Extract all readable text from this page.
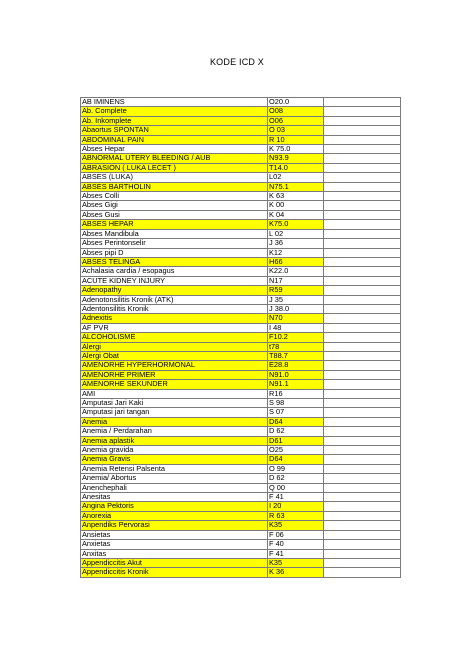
KODE ICD X
AB IMINENS	O20.0	
Ab. Complete	O08	
Ab. Inkomplete	O06	
Abaortus SPONTAN	O 03	
ABDOMINAL PAIN	R 10	
Abses Hepar	K 75.0	
ABNORMAL UTERY BLEEDING / AUB	N93.9	
ABRASION ( LUKA LECET )	T14.0	
ABSES (LUKA)	L02	
ABSES BARTHOLIN	N75.1	
Abses Colli	K 63	
Abses Gigi	K 00	
Abses Gusi	K 04	
ABSES HEPAR	K75.0	
Abses Mandibula	L 02	
Abses Perintonselir	J 36	
Abses pipi D	K12	
ABSES TELINGA	H66	
Achalasia cardia / esopagus	K22.0	
ACUTE KIDNEY INJURY	N17	
Adenopathy	R59	
Adenotonsilitis Kronik (ATK)	J 35	
Adentonsilitis Kronik	J 38.0	
Adnexitis	N70	
AF PVR	I 48	
ALCOHOLISME	F10.2	
Alergi	t78	
Alergi Obat	T88.7	
AMENORHE HYPERHORMONAL	E28.8	
AMENORHE PRIMER	N91.0	
AMENORHE SEKUNDER	N91.1	
AMI	R16	
Amputasi Jari Kaki	S 98	
Amputasi jari tangan	S 07	
Anemia	D64	
Anemia / Perdarahan	D 62	
Anemia aplastik	D61	
Anemia gravida	O25	
Anemia Gravis	D64	
Anemia Retensi Palsenta	O 99	
Anemia/ Abortus	D 62	
Anenchephali	Q 00	
Anesitas	F 41	
Angina Pektoris	I 20	
Anorexia	R 63	
Anpendiks Pervorasi	K35	
Ansietas	F 06	
Anxietas	F 40	
Anxitas	F 41	
Appendiccitis Akut	K35	
Appendiccitis Kronik	K 36	
